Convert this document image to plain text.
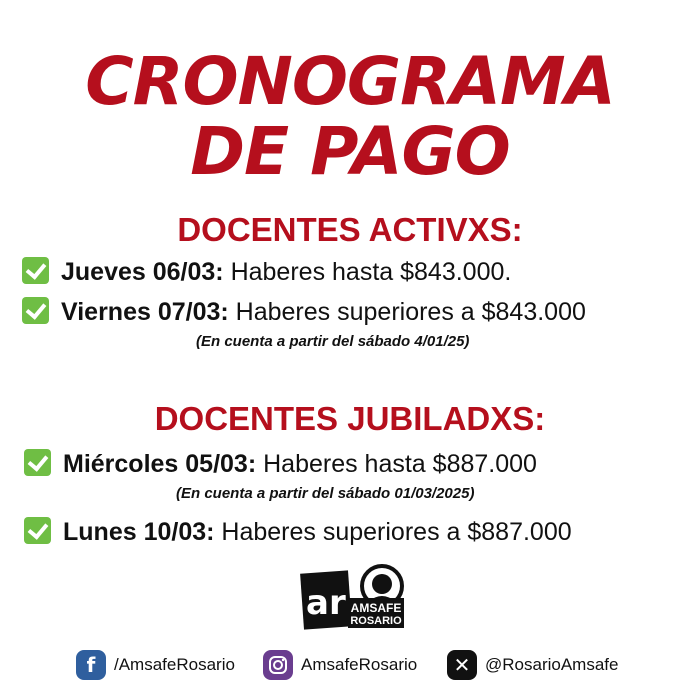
CRONOGRAMA
DE PAGO
DOCENTES ACTIVXS:
Jueves 06/03: Haberes hasta $843.000.
Viernes 07/03: Haberes superiores a $843.000
(En cuenta a partir del sábado 4/01/25)
DOCENTES JUBILADXS:
Miércoles 05/03: Haberes hasta $887.000
(En cuenta a partir del sábado 01/03/2025)
Lunes 10/03: Haberes superiores a $887.000
ar AMSAFE
ROSARIO
f	/AmsafeRosario	AmsafeRosario	✕ @RosarioAmsafe
